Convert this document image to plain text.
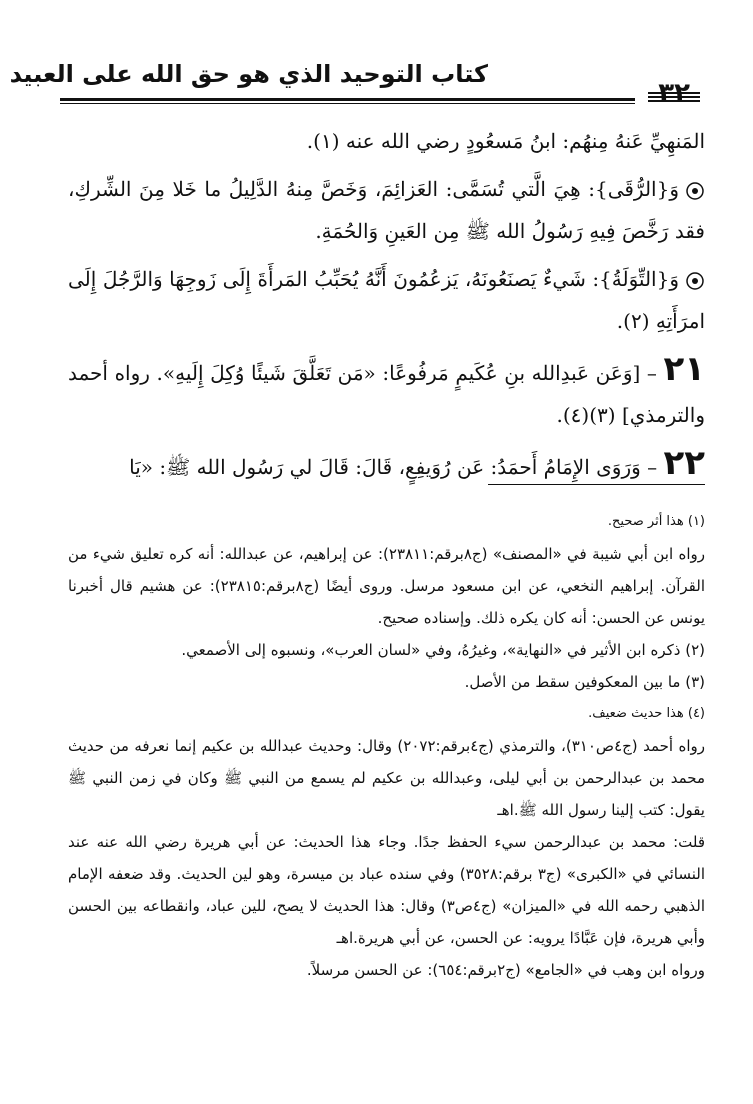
كتاب التوحيد الذي هو حق الله على العبيد

المَنهِيِّ عَنهُ مِنهُم: ابنُ مَسعُودٍ رضي الله عنه (١).

وَ{الرُّقَى}: هِيَ الَّتي تُسَمَّى: العَزائِمَ، وَخَصَّ مِنهُ الدَّلِيلُ ما خَلا مِنَ الشِّركِ، فقد رَخَّصَ فِيهِ رَسُولُ الله ﷺ مِن العَينِ وَالحُمَةِ.

وَ{التِّوَلَةُ}: شَيءٌ يَصنَعُونَهُ، يَزعُمُونَ أَنَّهُ يُحَبِّبُ المَرأَةَ إِلَى زَوجِهَا وَالرَّجُلَ إِلَى امرَأَتِهِ (٢).

٢١ – [وَعَن عَبدِالله بنِ عُكَيمٍ مَرفُوعًا: «مَن تَعَلَّقَ شَيئًا وُكِلَ إِلَيهِ». رواه أحمد والترمذي] (٣)(٤).

٢٢ – وَرَوَى الإِمَامُ أَحمَدُ: عَن رُوَيفِعٍ، قَالَ: قَالَ لي رَسُول الله ﷺ: «يَا

(١) هذا أثر صحيح.

رواه ابن أبي شيبة في «المصنف» (ج٨برقم:٢٣٨١١): عن إبراهيم، عن عبدالله: أنه كره تعليق شيء من القرآن. إبراهيم النخعي، عن ابن مسعود مرسل. وروى أيضًا (ج٨برقم:٢٣٨١٥): عن هشيم قال أخبرنا يونس عن الحسن: أنه كان يكره ذلك. وإسناده صحيح.

(٢) ذكره ابن الأثير في «النهاية»، وغيرُهُ، وفي «لسان العرب»، ونسبوه إلى الأصمعي.

(٣) ما بين المعكوفين سقط من الأصل.

(٤) هذا حديث ضعيف.

رواه أحمد (ج٤ص٣١٠)، والترمذي (ج٤برقم:٢٠٧٢) وقال: وحديث عبدالله بن عكيم إنما نعرفه من حديث محمد بن عبدالرحمن بن أبي ليلى، وعبدالله بن عكيم لم يسمع من النبي ﷺ وكان في زمن النبي ﷺ يقول: كتب إلينا رسول الله ﷺ.اهـ

قلت: محمد بن عبدالرحمن سيء الحفظ جدًا. وجاء هذا الحديث: عن أبي هريرة رضي الله عنه عند النسائي في «الكبرى» (ج٣ برقم:٣٥٢٨) وفي سنده عباد بن ميسرة، وهو لين الحديث. وقد ضعفه الإمام الذهبي رحمه الله في «الميزان» (ج٤ص٣) وقال: هذا الحديث لا يصح، للين عباد، وانقطاعه بين الحسن وأبي هريرة، فإن عَبَّادًا يرويه: عن الحسن، عن أبي هريرة.اهـ

ورواه ابن وهب في «الجامع» (ج٢برقم:٦٥٤): عن الحسن مرسلاً.
